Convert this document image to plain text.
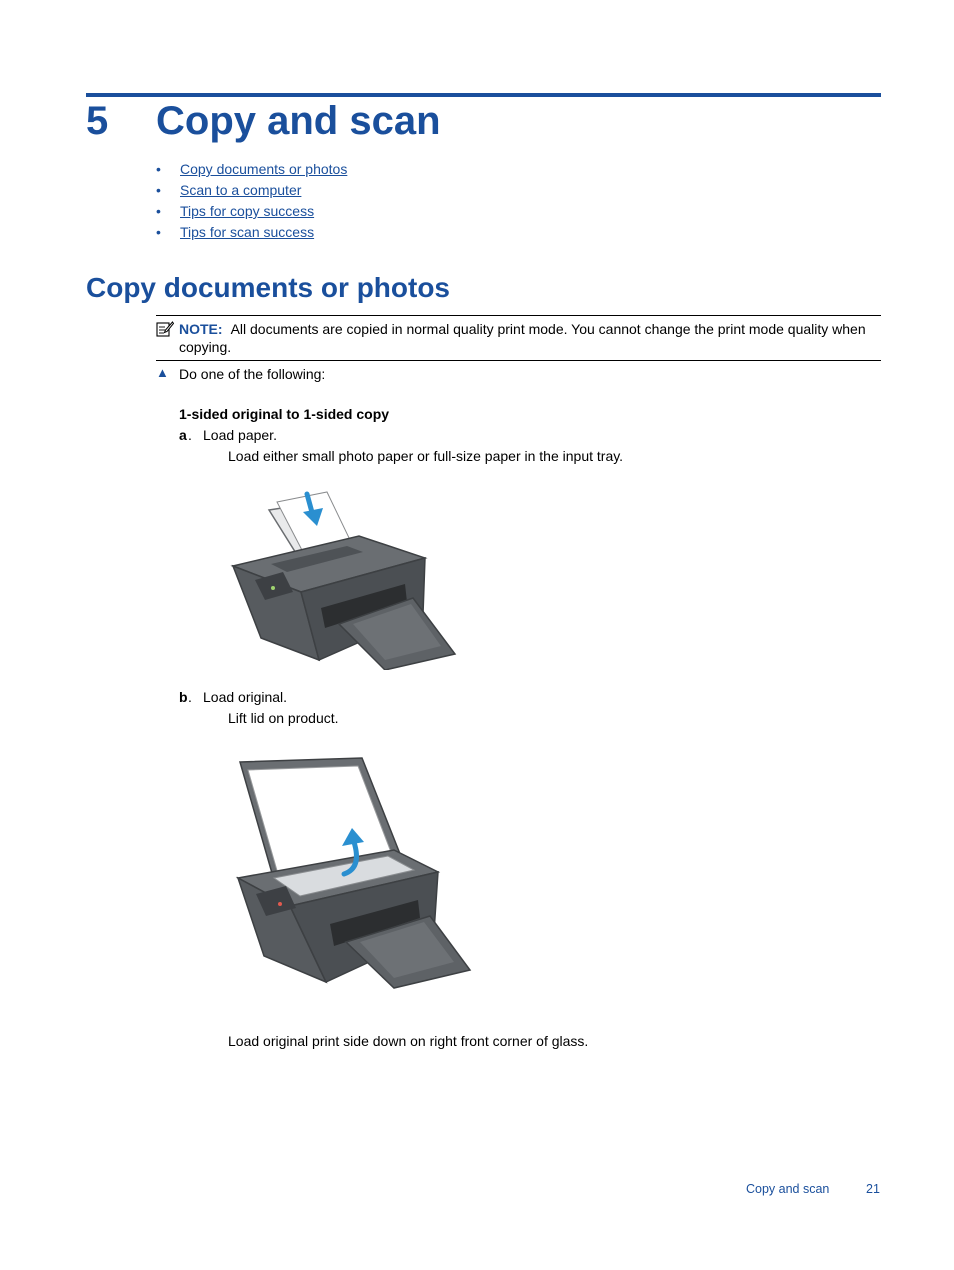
5 Copy and scan
• Copy documents or photos
• Scan to a computer
• Tips for copy success
• Tips for scan success
Copy documents or photos
NOTE: All documents are copied in normal quality print mode. You cannot change the print mode quality when copying.
▲ Do one of the following:
1-sided original to 1-sided copy
a . Load paper.
Load either small photo paper or full-size paper in the input tray.
b . Load original.
Lift lid on product.
Load original print side down on right front corner of glass.
Copy and scan	21
